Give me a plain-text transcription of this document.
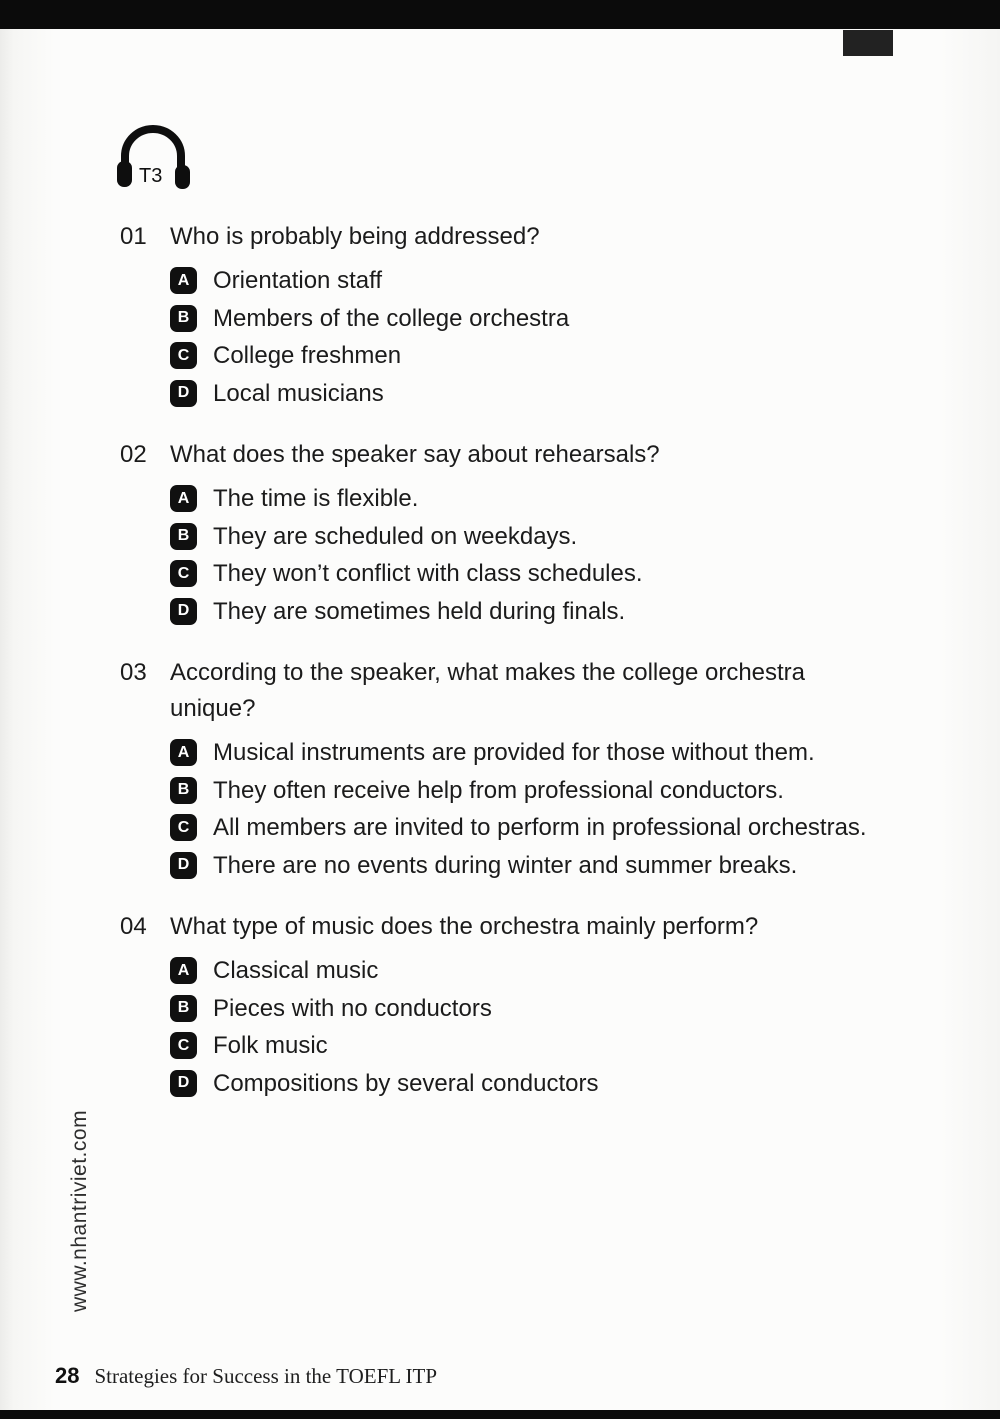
T3
01 Who is probably being addressed?
A Orientation staff
B Members of the college orchestra
C College freshmen
D Local musicians
02 What does the speaker say about rehearsals?
A The time is flexible.
B They are scheduled on weekdays.
C They won’t conflict with class schedules.
D They are sometimes held during finals.
03 According to the speaker, what makes the college orchestra unique?
A Musical instruments are provided for those without them.
B They often receive help from professional conductors.
C All members are invited to perform in professional orchestras.
D There are no events during winter and summer breaks.
04 What type of music does the orchestra mainly perform?
A Classical music
B Pieces with no conductors
C Folk music
D Compositions by several conductors
www.nhantriviet.com
28 Strategies for Success in the TOEFL ITP
